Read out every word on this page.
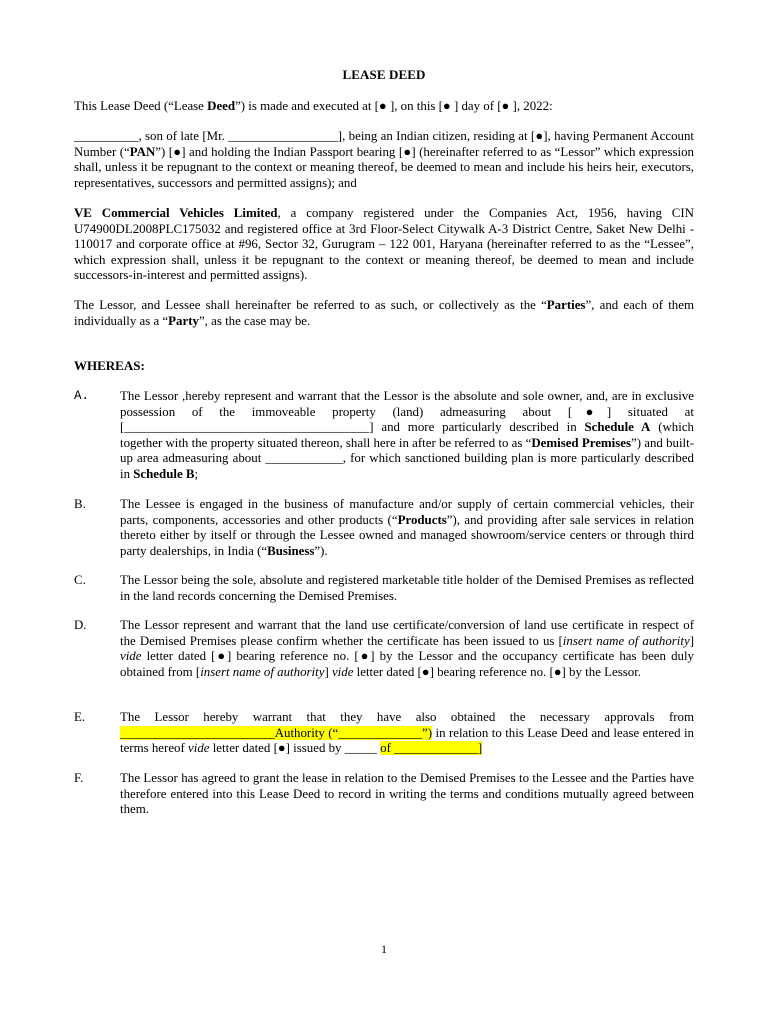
LEASE DEED
This Lease Deed (“Lease Deed”) is made and executed at [● ], on this [● ] day of [● ], 2022:
__________, son of late [Mr. _________________], being an Indian citizen, residing at [●], having Permanent Account Number (“PAN”) [●] and holding the Indian Passport bearing [●] (hereinafter referred to as “Lessor” which expression shall, unless it be repugnant to the context or meaning thereof, be deemed to mean and include his heirs heir, executors, representatives, successors and permitted assigns); and
VE Commercial Vehicles Limited, a company registered under the Companies Act, 1956, having CIN U74900DL2008PLC175032 and registered office at 3rd Floor-Select Citywalk A-3 District Centre, Saket New Delhi - 110017 and corporate office at #96, Sector 32, Gurugram – 122 001, Haryana (hereinafter referred to as the “Lessee”, which expression shall, unless it be repugnant to the context or meaning thereof, be deemed to mean and include successors-in-interest and permitted assigns).
The Lessor, and Lessee shall hereinafter be referred to as such, or collectively as the “Parties”, and each of them individually as a “Party”, as the case may be.
WHEREAS:
A. The Lessor ,hereby represent and warrant that the Lessor is the absolute and sole owner, and, are in exclusive possession of the immoveable property (land) admeasuring about [●] situated at [______________________________________] and more particularly described in Schedule A (which together with the property situated thereon, shall here in after be referred to as “Demised Premises”) and built-up area admeasuring about ____________, for which sanctioned building plan is more particularly described in Schedule B;
B.	The Lessee is engaged in the business of manufacture and/or supply of certain commercial vehicles, their parts, components, accessories and other products (“Products”), and providing after sale services in relation thereto either by itself or through the Lessee owned and managed showroom/service centers or through third party dealerships, in India (“Business”).
C.	The Lessor being the sole, absolute and registered marketable title holder of the Demised Premises as reflected in the land records concerning the Demised Premises.
D.	The Lessor represent and warrant that the land use certificate/conversion of land use certificate in respect of the Demised Premises please confirm whether the certificate has been issued to us [insert name of authority] vide letter dated [●] bearing reference no. [●] by the Lessor and the occupancy certificate has been duly obtained from [insert name of authority] vide letter dated [●] bearing reference no. [●] by the Lessor.
E.	The Lessor hereby warrant that they have also obtained the necessary approvals from ________________________Authority (“_____________”) in relation to this Lease Deed and lease entered in terms hereof vide letter dated [●] issued by _____ of _____________]
F.	The Lessor has agreed to grant the lease in relation to the Demised Premises to the Lessee and the Parties have therefore entered into this Lease Deed to record in writing the terms and conditions mutually agreed between them.
1
